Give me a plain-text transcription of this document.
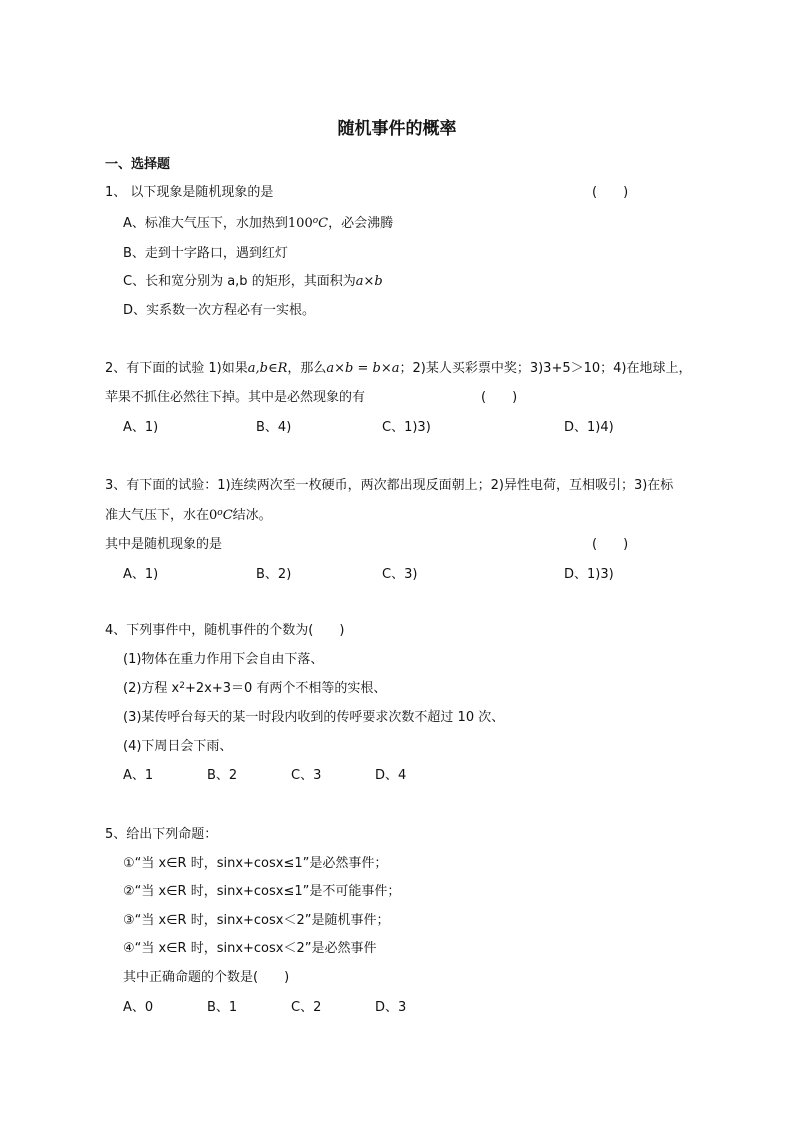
随机事件的概率
一、选择题
1、 以下现象是随机现象的是	(　　)
A、标准大气压下，水加热到100$^o$C，必会沸腾
B、走到十字路口，遇到红灯
C、长和宽分别为 a,b 的矩形，其面积为a×b
D、实系数一次方程必有一实根。
2、有下面的试验 1)如果a,b∈R，那么a×b = b×a；2)某人买彩票中奖；3)3+5＞10；4)在地球上，
苹果不抓住必然往下掉。其中是必然现象的有	(　　)
A、1)	B、4)	C、1)3)	D、1)4)
3、有下面的试验：1)连续两次至一枚硬币，两次都出现反面朝上；2)异性电荷，互相吸引；3)在标
准大气压下，水在0$^o$C结冰。
其中是随机现象的是	(　　)
A、1)	B、2)	C、3)	D、1)3)
4、下列事件中，随机事件的个数为(　　)
(1)物体在重力作用下会自由下落、
(2)方程 $x^2+2x+3=0$ 有两个不相等的实根、
(3)某传呼台每天的某一时段内收到的传呼要求次数不超过 10 次、
(4)下周日会下雨、
A、1	B、2	C、3	D、4
5、给出下列命题：
①“当 x∈R 时，sinx+cosx≤1”是必然事件；
②“当 x∈R 时，sinx+cosx≤1”是不可能事件；
③“当 x∈R 时，sinx+cosx＜2”是随机事件；
④“当 x∈R 时，sinx+cosx＜2”是必然事件
其中正确命题的个数是(　　)
A、0	B、1	C、2	D、3
